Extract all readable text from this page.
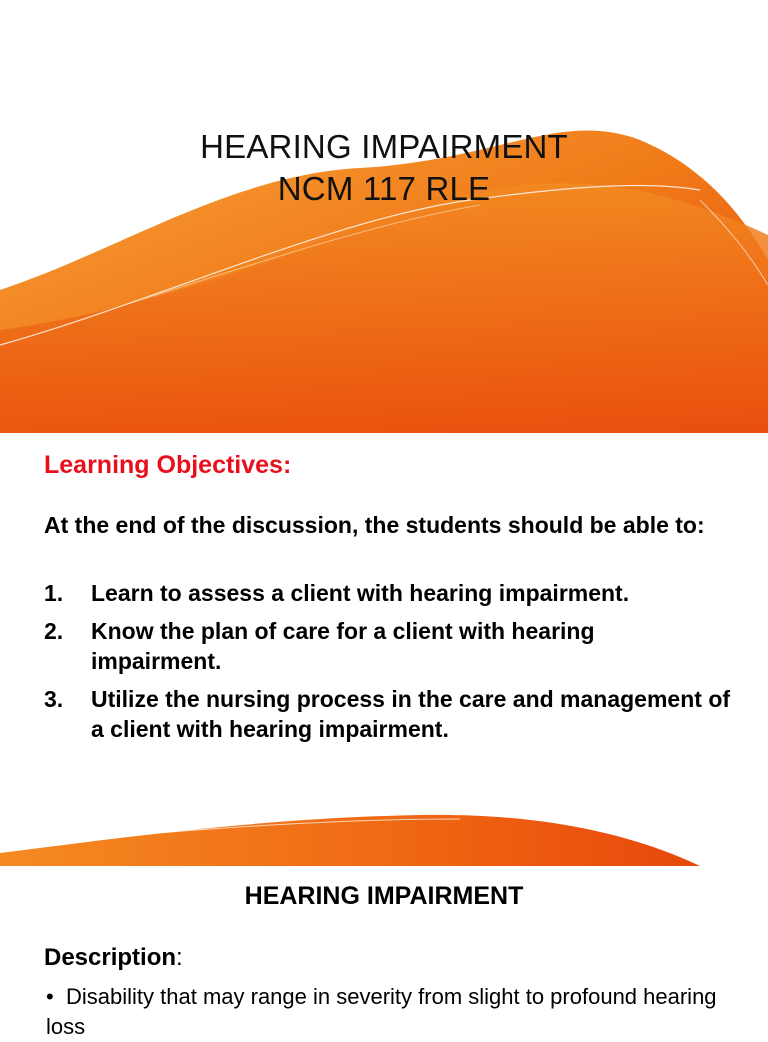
HEARING IMPAIRMENT
NCM 117 RLE
Learning Objectives:
At the end of the discussion, the students should be able to:
1. Learn to assess a client with hearing impairment.
2. Know the plan of care for a client with hearing impairment.
3. Utilize the nursing process in the care and management of a client with hearing impairment.
HEARING IMPAIRMENT
Description:
• Disability that may range in severity from slight to profound hearing loss
